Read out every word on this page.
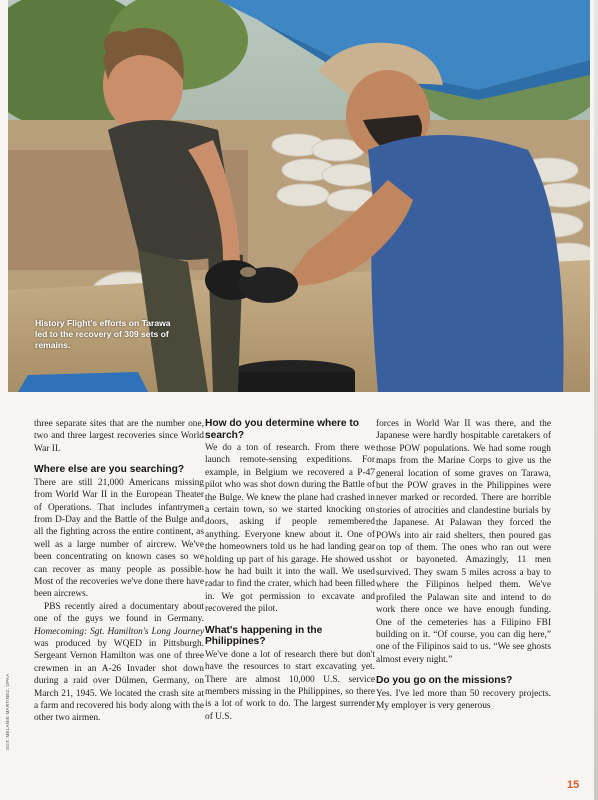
History Flight's efforts on Tarawa led to the recovery of 309 sets of remains.
SGT. MELANIE MARTINEZ, DPAA

three separate sites that are the number one, two and three largest recoveries since World War II.

Where else are you searching?

There are still 21,000 Americans missing from World War II in the European Theater of Operations. That includes infantrymen from D-Day and the Battle of the Bulge and all the fighting across the entire continent, as well as a large number of aircrew. We've been concentrating on known cases so we can recover as many people as possible. Most of the recoveries we've done there have been aircrews.

PBS recently aired a documentary about one of the guys we found in Germany. Homecoming: Sgt. Hamilton's Long Journey was produced by WQED in Pittsburgh. Sergeant Vernon Hamilton was one of three crewmen in an A-26 Invader shot down during a raid over Dülmen, Germany, on March 21, 1945. We located the crash site at a farm and recovered his body along with the other two airmen.

How do you determine where to search?

We do a ton of research. From there we launch remote-sensing expeditions. For example, in Belgium we recovered a P-47 pilot who was shot down during the Battle of the Bulge. We knew the plane had crashed in a certain town, so we started knocking on doors, asking if people remembered anything. Everyone knew about it. One of the homeowners told us he had landing gear holding up part of his garage. He showed us how he had built it into the wall. We used radar to find the crater, which had been filled in. We got permission to excavate and recovered the pilot.

What's happening in the Philippines?

We've done a lot of research there but don't have the resources to start excavating yet. There are almost 10,000 U.S. service members missing in the Philippines, so there is a lot of work to do. The largest surrender of U.S.

forces in World War II was there, and the Japanese were hardly hospitable caretakers of those POW populations. We had some rough maps from the Marine Corps to give us the general location of some graves on Tarawa, but the POW graves in the Philippines were never marked or recorded. There are horrible stories of atrocities and clandestine burials by the Japanese. At Palawan they forced the POWs into air raid shelters, then poured gas on top of them. The ones who ran out were shot or bayoneted. Amazingly, 11 men survived. They swam 5 miles across a bay to where the Filipinos helped them. We've profiled the Palawan site and intend to do work there once we have enough funding. One of the cemeteries has a Filipino FBI building on it. “Of course, you can dig here,” one of the Filipinos said to us. “We see ghosts almost every night.”

Do you go on the missions?

Yes. I've led more than 50 recovery projects. My employer is very generous

15
